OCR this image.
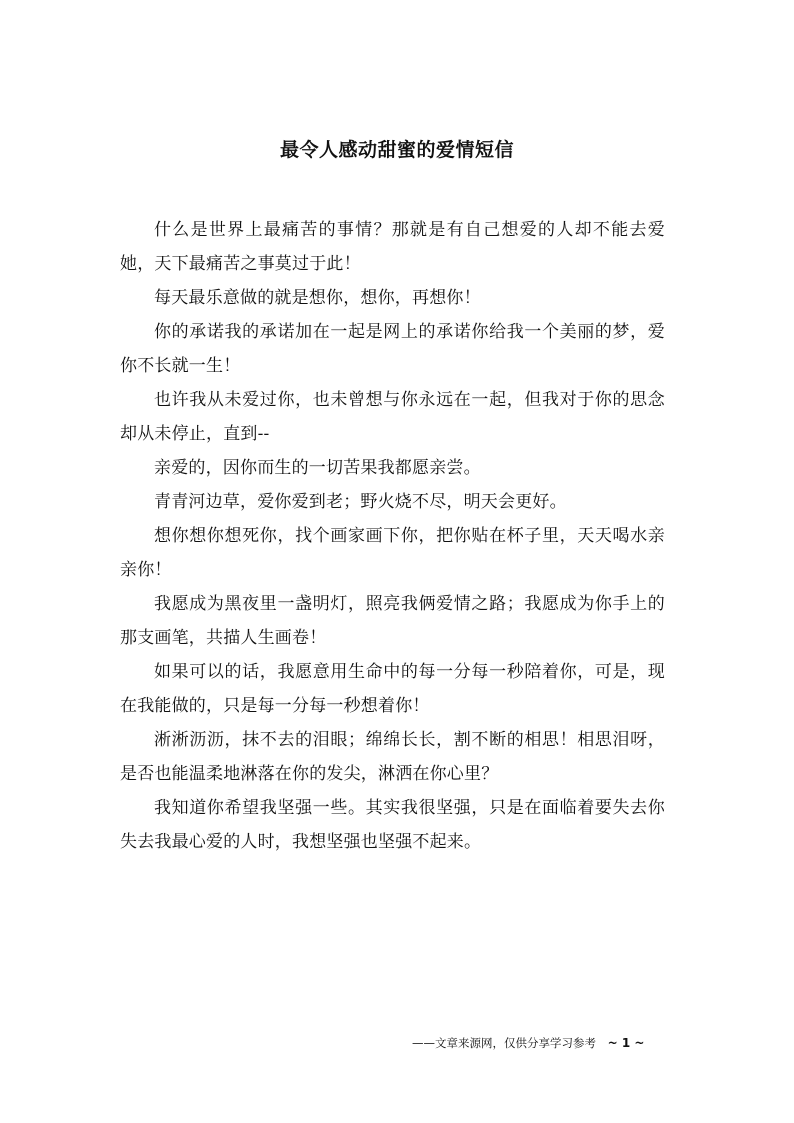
最令人感动甜蜜的爱情短信

什么是世界上最痛苦的事情？那就是有自己想爱的人却不能去爱她，天下最痛苦之事莫过于此！

每天最乐意做的就是想你，想你，再想你！

你的承诺我的承诺加在一起是网上的承诺你给我一个美丽的梦，爱你不长就一生！

也许我从未爱过你，也未曾想与你永远在一起，但我对于你的思念却从未停止，直到--

亲爱的，因你而生的一切苦果我都愿亲尝。

青青河边草，爱你爱到老；野火烧不尽，明天会更好。

想你想你想死你，找个画家画下你，把你贴在杯子里，天天喝水亲亲你！

我愿成为黑夜里一盏明灯，照亮我俩爱情之路；我愿成为你手上的那支画笔，共描人生画卷！

如果可以的话，我愿意用生命中的每一分每一秒陪着你，可是，现在我能做的，只是每一分每一秒想着你！

淅淅沥沥，抹不去的泪眼；绵绵长长，割不断的相思！相思泪呀，是否也能温柔地淋落在你的发尖，淋洒在你心里？

我知道你希望我坚强一些。其实我很坚强，只是在面临着要失去你失去我最心爱的人时，我想坚强也坚强不起来。

——文章来源网，仅供分享学习参考 ~ 1 ~
